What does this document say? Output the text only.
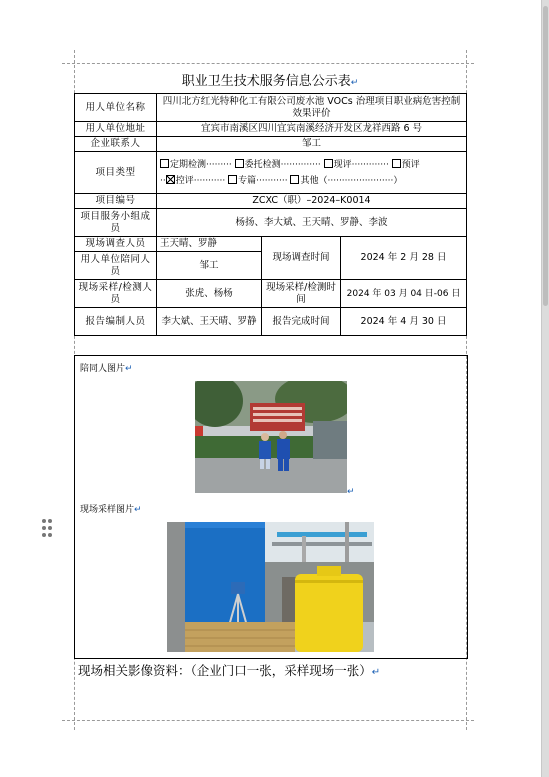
职业卫生技术服务信息公示表↵
用人单位名称	四川北方红光特种化工有限公司废水池 VOCs 治理项目职业病危害控制效果评价		
用人单位地址	宜宾市南溪区四川宜宾南溪经济开发区龙祥西路 6 号		
企业联系人	邹工		
项目类型	定期检测········· 委托检测·············· 现评············· 预评
·· 控评··········· 专篇··········· 其他（·······················）		

项目编号	ZCXC（职）–2024–K0014		
项目服务小组成员	杨扬、李大斌、王天晴、罗静、李波		
现场调查人员	王天晴、罗静	现场调查时间	2024 年 2 月 28 日
用人单位陪同人员	邹工		
现场采样/检测人员	张虎、杨杨	现场采样/检测时间	2024 年 03 月 04 日-06 日
报告编制人员	李大斌、王天晴、罗静	报告完成时间	2024 年 4 月 30 日
陪同人图片↵
↵
现场采样图片↵
现场相关影像资料：（企业门口一张，采样现场一张）↵
